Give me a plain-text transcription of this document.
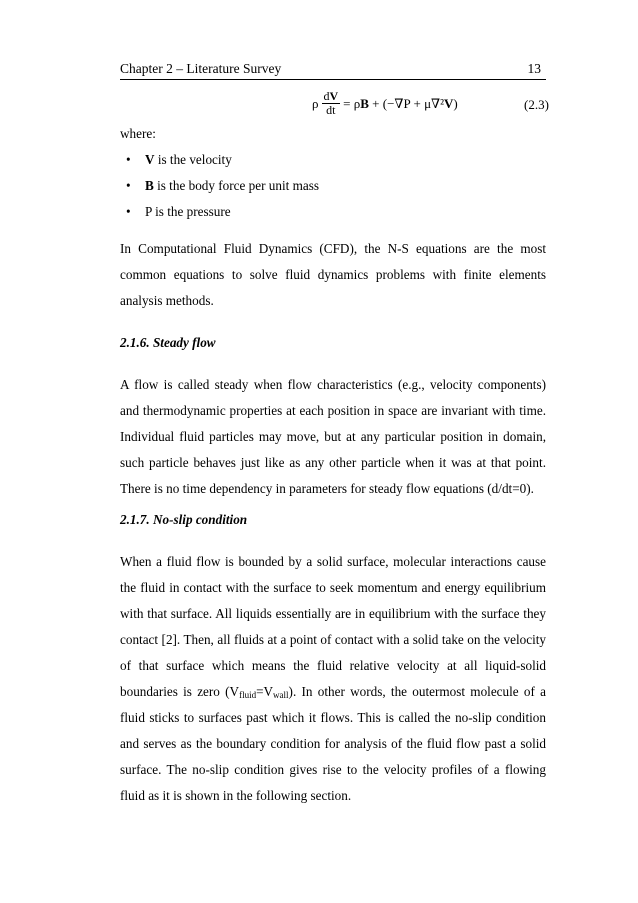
Chapter 2 – Literature Survey	13
ρ $\frac{dV}{dt} = \rho B + (-\nabla P + \mu\nabla^2V)$	(2.3)
where:
• V is the velocity
• B is the body force per unit mass
• P is the pressure

In Computational Fluid Dynamics (CFD), the N-S equations are the most common equations to solve fluid dynamics problems with finite elements analysis methods.

2.1.6. Steady flow

A flow is called steady when flow characteristics (e.g., velocity components) and thermodynamic properties at each position in space are invariant with time. Individual fluid particles may move, but at any particular position in domain, such particle behaves just like as any other particle when it was at that point. There is no time dependency in parameters for steady flow equations (d/dt=0).

2.1.7. No-slip condition

When a fluid flow is bounded by a solid surface, molecular interactions cause the fluid in contact with the surface to seek momentum and energy equilibrium with that surface. All liquids essentially are in equilibrium with the surface they contact [2]. Then, all fluids at a point of contact with a solid take on the velocity of that surface which means the fluid relative velocity at all liquid-solid boundaries is zero $(V_{fluid}=V_{wall})$. In other words, the outermost molecule of a fluid sticks to surfaces past which it flows. This is called the no-slip condition and serves as the boundary condition for analysis of the fluid flow past a solid surface. The no-slip condition gives rise to the velocity profiles of a flowing fluid as it is shown in the following section.
